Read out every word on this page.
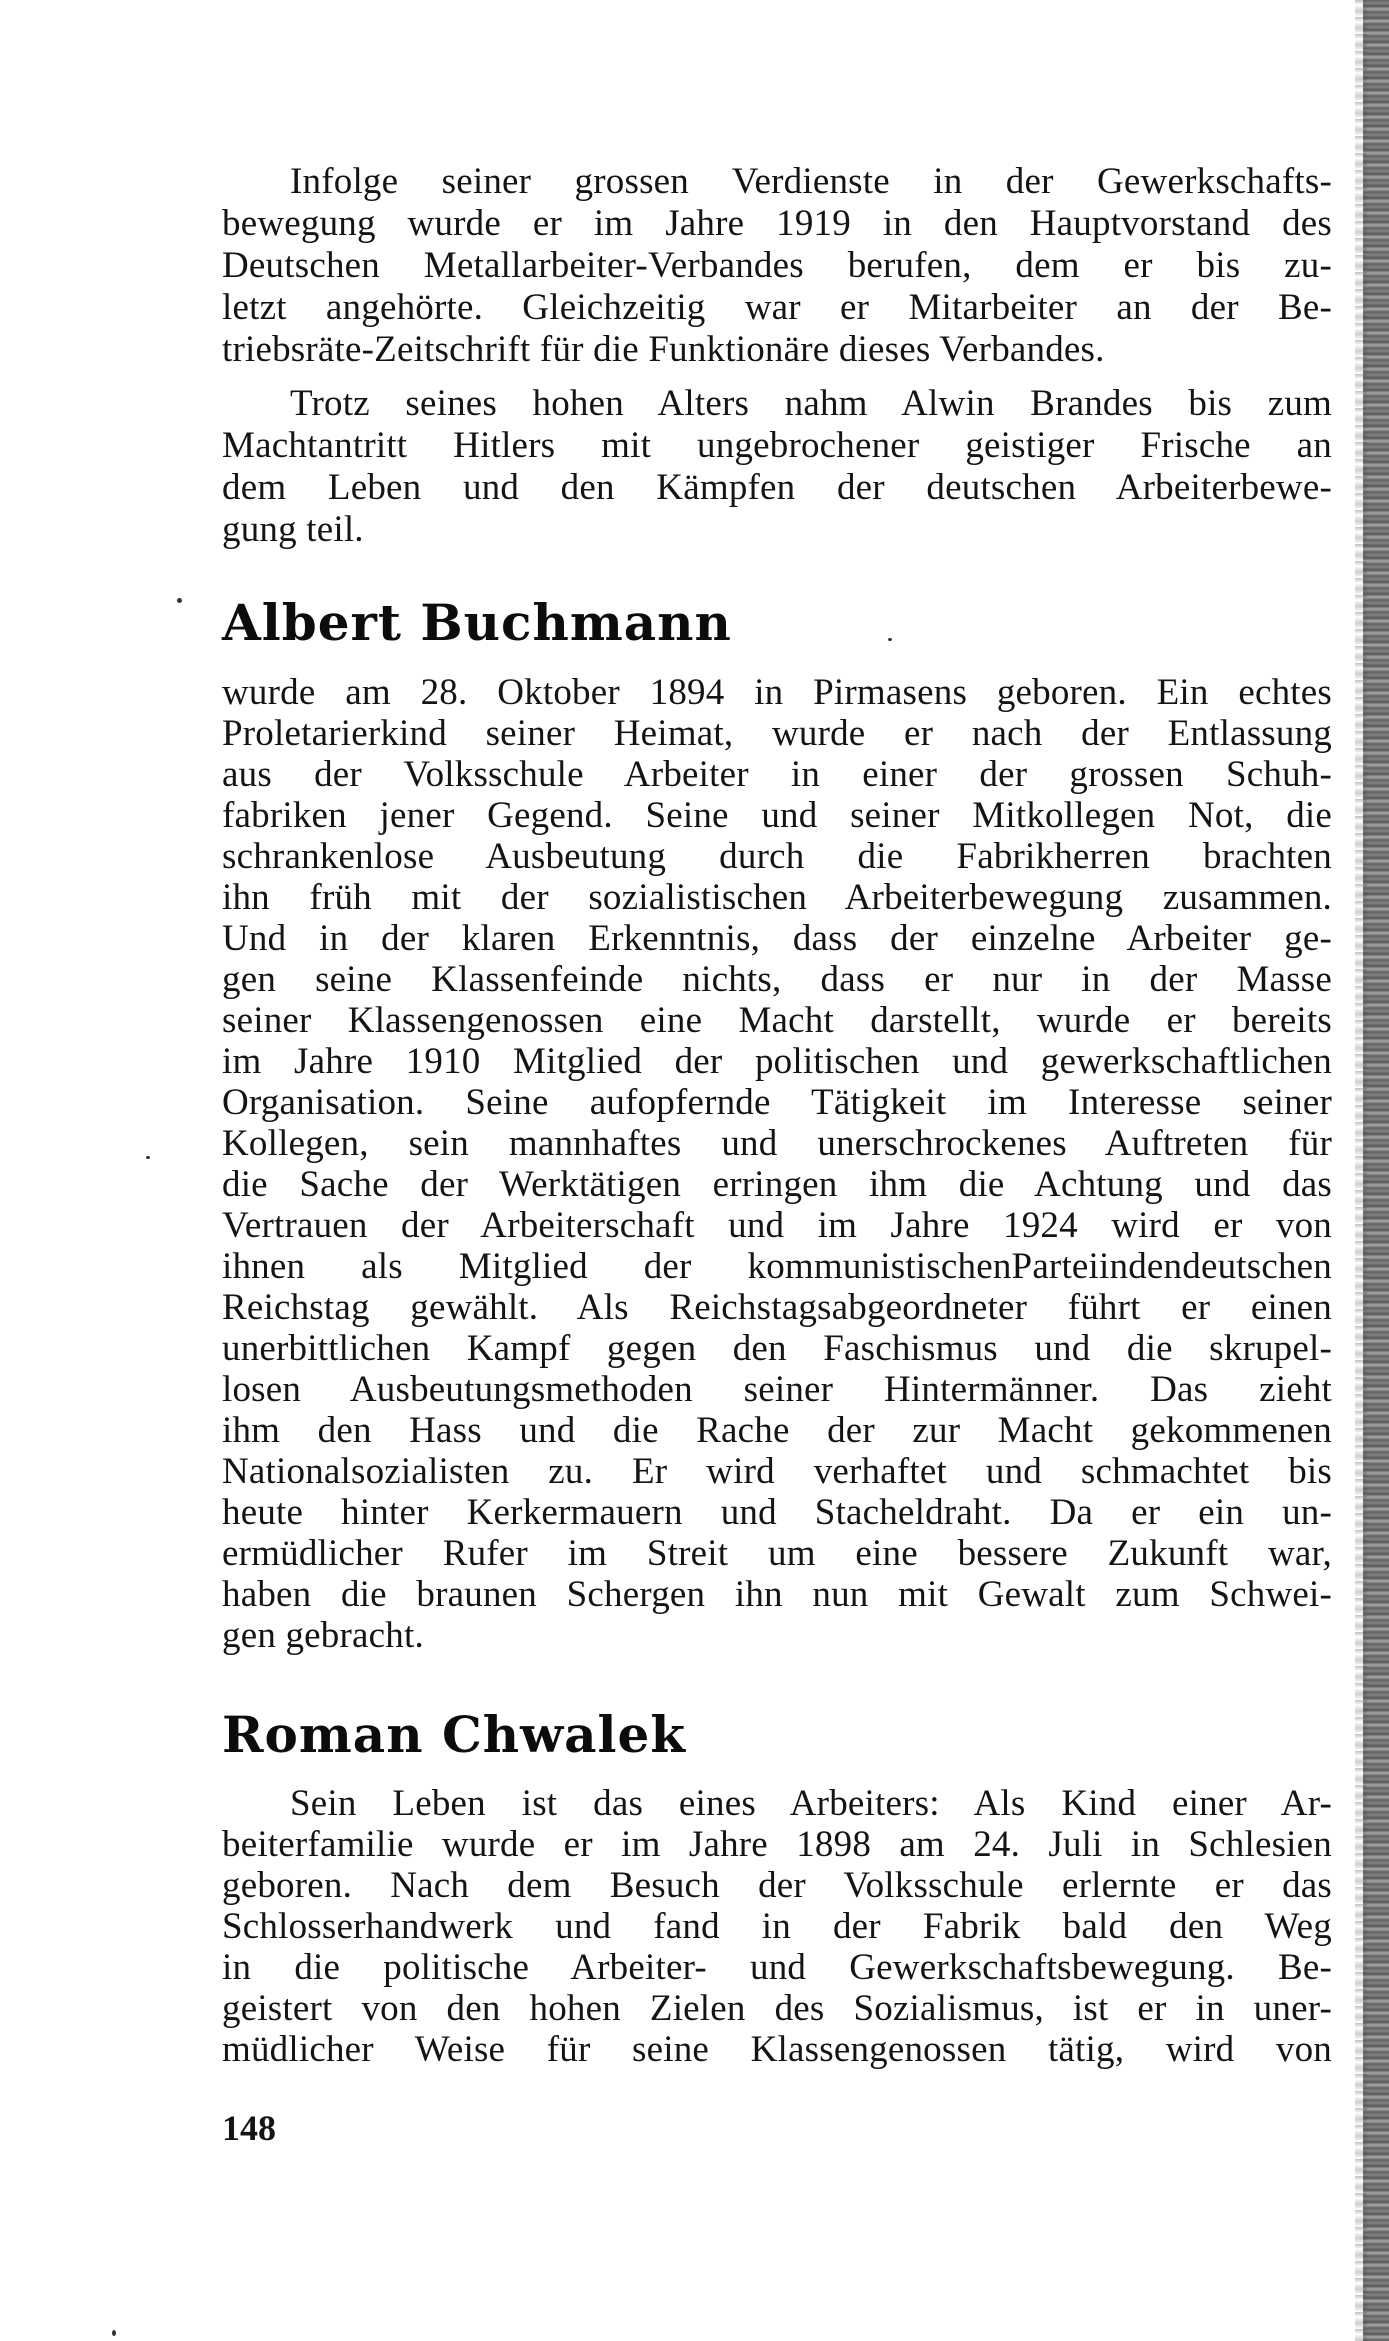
Infolge seiner grossen Verdienste in der Gewerkschafts-
bewegung wurde er im Jahre 1919 in den Hauptvorstand des
Deutschen Metallarbeiter-Verbandes berufen, dem er bis zu-
letzt angehörte. Gleichzeitig war er Mitarbeiter an der Be-
triebsräte-Zeitschrift für die Funktionäre dieses Verbandes.
Trotz seines hohen Alters nahm Alwin Brandes bis zum
Machtantritt Hitlers mit ungebrochener geistiger Frische an
dem Leben und den Kämpfen der deutschen Arbeiterbewe-
gung teil.
Albert Buchmann
wurde am 28. Oktober 1894 in Pirmasens geboren. Ein echtes
Proletarierkind seiner Heimat, wurde er nach der Entlassung
aus der Volksschule Arbeiter in einer der grossen Schuh-
fabriken jener Gegend. Seine und seiner Mitkollegen Not, die
schrankenlose Ausbeutung durch die Fabrikherren brachten
ihn früh mit der sozialistischen Arbeiterbewegung zusammen.
Und in der klaren Erkenntnis, dass der einzelne Arbeiter ge-
gen seine Klassenfeinde nichts, dass er nur in der Masse
seiner Klassengenossen eine Macht darstellt, wurde er bereits
im Jahre 1910 Mitglied der politischen und gewerkschaftlichen
Organisation. Seine aufopfernde Tätigkeit im Interesse seiner
Kollegen, sein mannhaftes und unerschrockenes Auftreten für
die Sache der Werktätigen erringen ihm die Achtung und das
Vertrauen der Arbeiterschaft und im Jahre 1924 wird er von
ihnen als Mitglied der kommunistischenParteiindendeutschen
Reichstag gewählt. Als Reichstagsabgeordneter führt er einen
unerbittlichen Kampf gegen den Faschismus und die skrupel-
losen Ausbeutungsmethoden seiner Hintermänner. Das zieht
ihm den Hass und die Rache der zur Macht gekommenen
Nationalsozialisten zu. Er wird verhaftet und schmachtet bis
heute hinter Kerkermauern und Stacheldraht. Da er ein un-
ermüdlicher Rufer im Streit um eine bessere Zukunft war,
haben die braunen Schergen ihn nun mit Gewalt zum Schwei-
gen gebracht.
Roman Chwalek
Sein Leben ist das eines Arbeiters: Als Kind einer Ar-
beiterfamilie wurde er im Jahre 1898 am 24. Juli in Schlesien
geboren. Nach dem Besuch der Volksschule erlernte er das
Schlosserhandwerk und fand in der Fabrik bald den Weg
in die politische Arbeiter- und Gewerkschaftsbewegung. Be-
geistert von den hohen Zielen des Sozialismus, ist er in uner-
müdlicher Weise für seine Klassengenossen tätig, wird von
148
